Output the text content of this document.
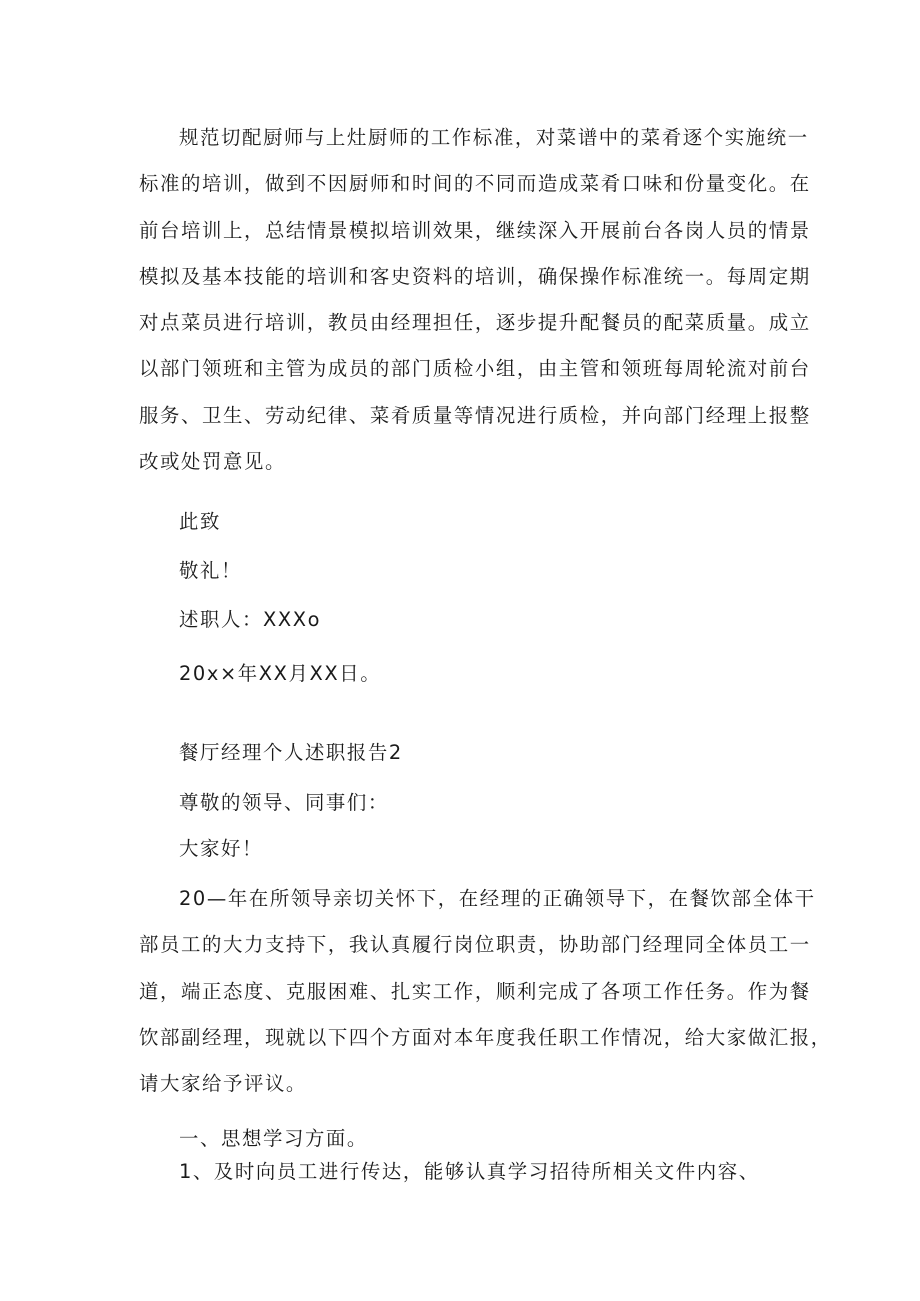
规范切配厨师与上灶厨师的工作标准，对菜谱中的菜肴逐个实施统一
标准的培训，做到不因厨师和时间的不同而造成菜肴口味和份量变化。在
前台培训上，总结情景模拟培训效果，继续深入开展前台各岗人员的情景
模拟及基本技能的培训和客史资料的培训，确保操作标准统一。每周定期
对点菜员进行培训，教员由经理担任，逐步提升配餐员的配菜质量。成立
以部门领班和主管为成员的部门质检小组，由主管和领班每周轮流对前台
服务、卫生、劳动纪律、菜肴质量等情况进行质检，并向部门经理上报整
改或处罚意见。

此致

敬礼！

述职人：XXXo

20x×年XX月XX日。

餐厅经理个人述职报告2

尊敬的领导、同事们：

大家好！

20—年在所领导亲切关怀下，在经理的正确领导下，在餐饮部全体干
部员工的大力支持下，我认真履行岗位职责，协助部门经理同全体员工一
道，端正态度、克服困难、扎实工作，顺利完成了各项工作任务。作为餐
饮部副经理，现就以下四个方面对本年度我任职工作情况，给大家做汇报，
请大家给予评议。

一、思想学习方面。

1、及时向员工进行传达，能够认真学习招待所相关文件内容、
